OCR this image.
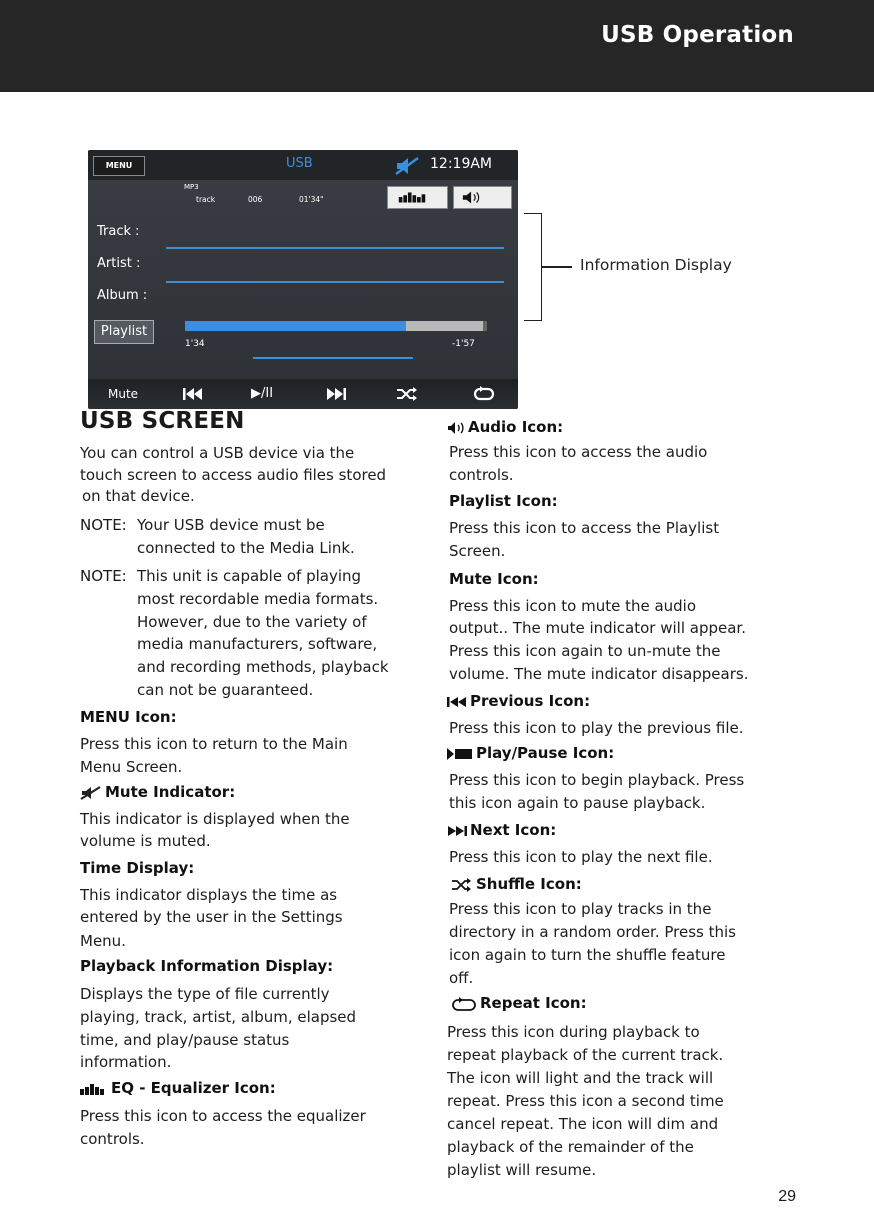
USB Operation
MENU	USB	12:19AM
MP3
track	006	01'34"
Track :
Artist :
Album :
Playlist
1'34	-1'57
Mute	▶/II
Information Display
USB SCREEN
You can control a USB device via the
touch screen to access audio files stored
on that device.
NOTE: Your USB device must be
connected to the Media Link.
NOTE: This unit is capable of playing
most recordable media formats.
However, due to the variety of
media manufacturers, software,
and recording methods, playback
can not be guaranteed.
MENU Icon:
Press this icon to return to the Main
Menu Screen.
Mute Indicator:
This indicator is displayed when the
volume is muted.
Time Display:
This indicator displays the time as
entered by the user in the Settings
Menu.
Playback Information Display:
Displays the type of file currently
playing, track, artist, album, elapsed
time, and play/pause status
information.
EQ - Equalizer Icon:
Press this icon to access the equalizer
controls.
Audio Icon:
Press this icon to access the audio
controls.
Playlist Icon:
Press this icon to access the Playlist
Screen.
Mute Icon:
Press this icon to mute the audio
output.. The mute indicator will appear.
Press this icon again to un-mute the
volume. The mute indicator disappears.
Previous Icon:
Press this icon to play the previous file.
Play/Pause Icon:
Press this icon to begin playback. Press
this icon again to pause playback.
Next Icon:
Press this icon to play the next file.
Shuffle Icon:
Press this icon to play tracks in the
directory in a random order. Press this
icon again to turn the shuffle feature
off.
Repeat Icon:
Press this icon during playback to
repeat playback of the current track.
The icon will light and the track will
repeat. Press this icon a second time
cancel repeat. The icon will dim and
playback of the remainder of the
playlist will resume.
29
